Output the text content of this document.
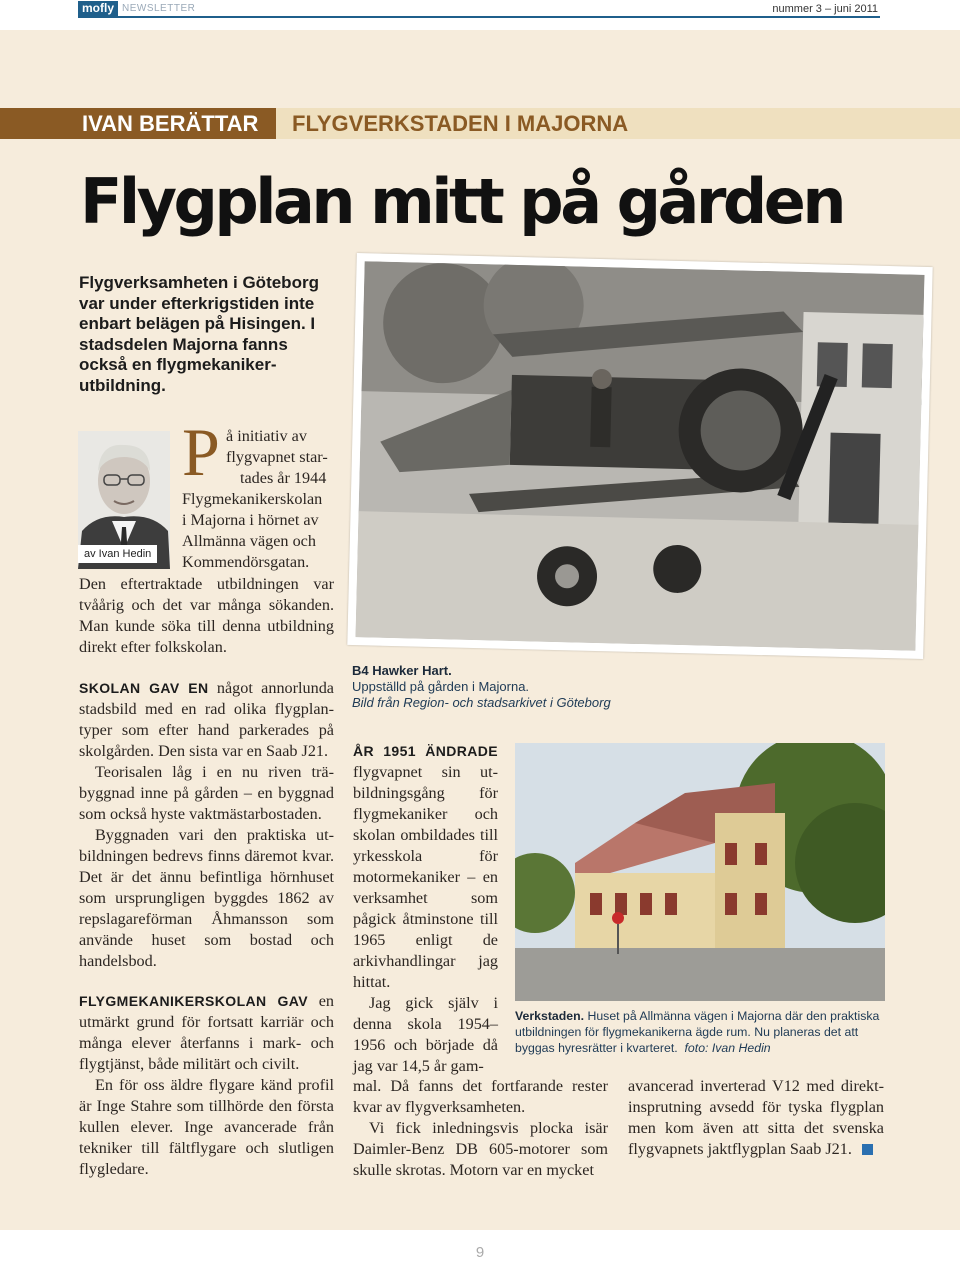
mofly NEWSLETTER	nummer 3 – juni 2011
IVAN BERÄTTAR FLYGVERKSTADEN I MAJORNA
Flygplan mitt på gården
Flygverksamheten i Göteborg var under efterkrigstiden inte enbart belägen på Hisingen. I stadsdelen Majorna fanns också en flygmekanikerutbildning.
av Ivan Hedin
P å initiativ av
flygvapnet star-
tades år 1944
Flygmekanikerskolan
i Majorna i hörnet av
Allmänna vägen och
Kommendörsgatan.

Den eftertraktade utbildningen var tvåårig och det var många sökanden. Man kunde söka till denna utbildning direkt efter folkskolan.

SKOLAN GAV EN något annorlunda stadsbild med en rad olika flygplantyper som efter hand parkerades på skolgården. Den sista var en Saab J21.

Teorisalen låg i en nu riven träbyggnad inne på gården – en byggnad som också hyste vaktmästarbostaden.

Byggnaden vari den praktiska utbildningen bedrevs finns däremot kvar. Det är det ännu befintliga hörnhuset som ursprungligen byggdes 1862 av repslagareförman Åhmansson som använde huset som bostad och handelsbod.

FLYGMEKANIKERSKOLAN GAV en utmärkt grund för fortsatt karriär och många elever återfanns i mark- och flygtjänst, både militärt och civilt.

En för oss äldre flygare känd profil är Inge Stahre som tillhörde den första kullen elever. Inge avancerade från tekniker till fältflygare och slutligen flygledare.

B4 Hawker Hart.
Uppställd på gården i Majorna.
Bild från Region- och stadsarkivet i Göteborg

ÅR 1951 ÄNDRADE flygvapnet sin utbildningsgång för flygmekaniker och skolan ombildades till yrkesskola för motormekaniker – en verksamhet som pågick åtminstone till 1965 enligt de arkivhandlingar jag hittat.

Jag gick själv i denna skola 1954–1956 och började då jag var 14,5 år gam-

mal. Då fanns det fortfarande rester kvar av flygverksamheten.

Vi fick inledningsvis plocka isär Daimler-Benz DB 605-motorer som skulle skrotas. Motorn var en mycket

Verkstaden. Huset på Allmänna vägen i Majorna där den praktiska utbildningen för flygmekanikerna ägde rum. Nu planeras det att byggas hyresrätter i kvarteret. foto: Ivan Hedin
avancerad inverterad V12 med direktinsprutning avsedd för tyska flygplan men kom även att sitta det svenska flygvapnets jaktflygplan Saab J21.
9
